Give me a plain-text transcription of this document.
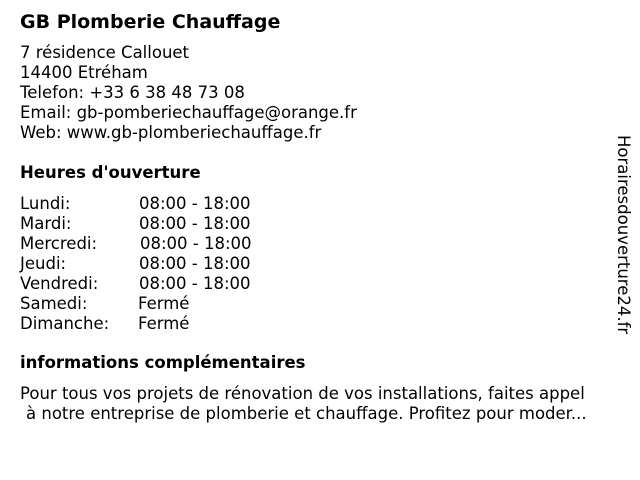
GB Plomberie Chauffage
7 résidence Callouet
14400 Etréham
Telefon: +33 6 38 48 73 08
Email: gb-pomberiechauffage@orange.fr
Web: www.gb-plomberiechauffage.fr
Heures d'ouverture
Lundi:	08:00 - 18:00
Mardi:	08:00 - 18:00
Mercredi:	08:00 - 18:00
Jeudi:	08:00 - 18:00
Vendredi: 08:00 - 18:00
Samedi:	Fermé
Dimanche: Fermé
informations complémentaires
Pour tous vos projets de rénovation de vos installations, faites appel
à notre entreprise de plomberie et chauffage. Profitez pour moder...
Horairesdouverture24.fr
